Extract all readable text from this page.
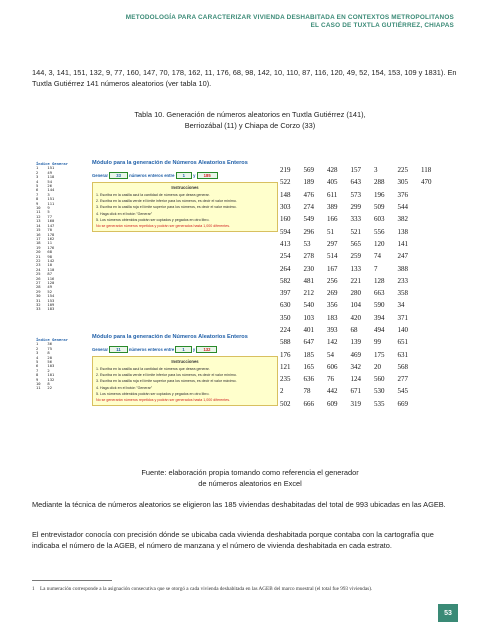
METODOLOGÍA PARA CARACTERIZAR VIVIENDA DESHABITADA EN CONTEXTOS METROPOLITANOS
EL CASO DE TUXTLA GUTIÉRREZ, CHIAPAS

144, 3, 141, 151, 132, 9, 77, 160, 147, 70, 178, 162, 11, 176, 68, 98, 142, 10, 110, 87, 116, 120, 49, 52, 154, 153, 109 y 1831). En Tuxtla Gutiérrez 141 números aleatorios (ver tabla 10).

Tabla 10. Generación de números aleatorios en Tuxtla Gutiérrez (141),
Berriozábal (11) y Chiapa de Corzo (33)
Índice Generar
1    151
2    49
3    118
4    54
5    26
6    144
7    3
8    151
9    111
10   9
11   5
12   77
13   160
14   147
15   70
16   178
17   162
18   11
19   176
20   68
21   98
22   142
23   10
24   110
25   87
26   116
27   120
28   49
29   52
30   154
31   153
32   109
33   183
Módulo para la generación de Números Aleatorios Enteros
Generar 33 números enteros entre 1 y 185
Instrucciones
1. Escriba en la casilla azul la cantidad de números que desea generar.
2. Escriba en la casilla verde el límite inferior para los números, es decir el valor mínimo.
3. Escriba en la casilla roja el límite superior para los números, es decir el valor máximo.
4. Haga click en el botón "Generar"
5. Los números obtenidos podrán ser copiados y pegados en otro libro.
No se generarán números repetidos y podrán ser generados hasta 1,000 diferentes.
Índice Generar
1    36
2    75
3    8
4    20
5    56
6    103
7    2
8    101
9    132
10   8
11   22
Módulo para la generación de Números Aleatorios Enteros
Generar 11 números enteros entre 1 y 132
Instrucciones
1. Escriba en la casilla azul la cantidad de números que desea generar.
2. Escriba en la casilla verde el límite inferior para los números, es decir el valor mínimo.
3. Escriba en la casilla roja el límite superior para los números, es decir el valor máximo.
4. Haga click en el botón "Generar"
5. Los números obtenidos podrán ser copiados y pegados en otro libro.
No se generarán números repetidos y podrán ser generados hasta 1,000 diferentes.
219	569	428	157	3	225	118
522	189	405	643	288	305	470
148	476	611	573	196	376
303	274	389	299	509	544
160	549	166	333	603	382
594	296	51	521	556	138
413	53	297	565	120	141
254	278	514	259	74	247
264	230	167	133	7	388
582	481	256	221	128	233
397	212	269	280	663	358
630	540	356	104	590	34
350	103	183	420	394	371
224	401	393	68	494	140
588	647	142	139	99	651
176	185	54	469	175	631
121	165	606	342	20	568
235	636	76	124	560	277
2	78	442	671	530	545
502	666	609	319	535	669
Fuente: elaboración propia tomando como referencia el generador
de números aleatorios en Excel

Mediante la técnica de números aleatorios se eligieron las 185 viviendas deshabitadas del total de 993 ubicadas en las AGEB.

El entrevistador conocía con precisión dónde se ubicaba cada vivienda deshabitada porque contaba con la cartografía que indicaba el número de la AGEB, el número de manzana y el número de vivienda deshabitada en cada estrato.

1 La numeración corresponde a la asignación consecutiva que se otorgó a cada vivienda deshabitada en las AGEB del marco muestral (el total fue 993 viviendas).
53
